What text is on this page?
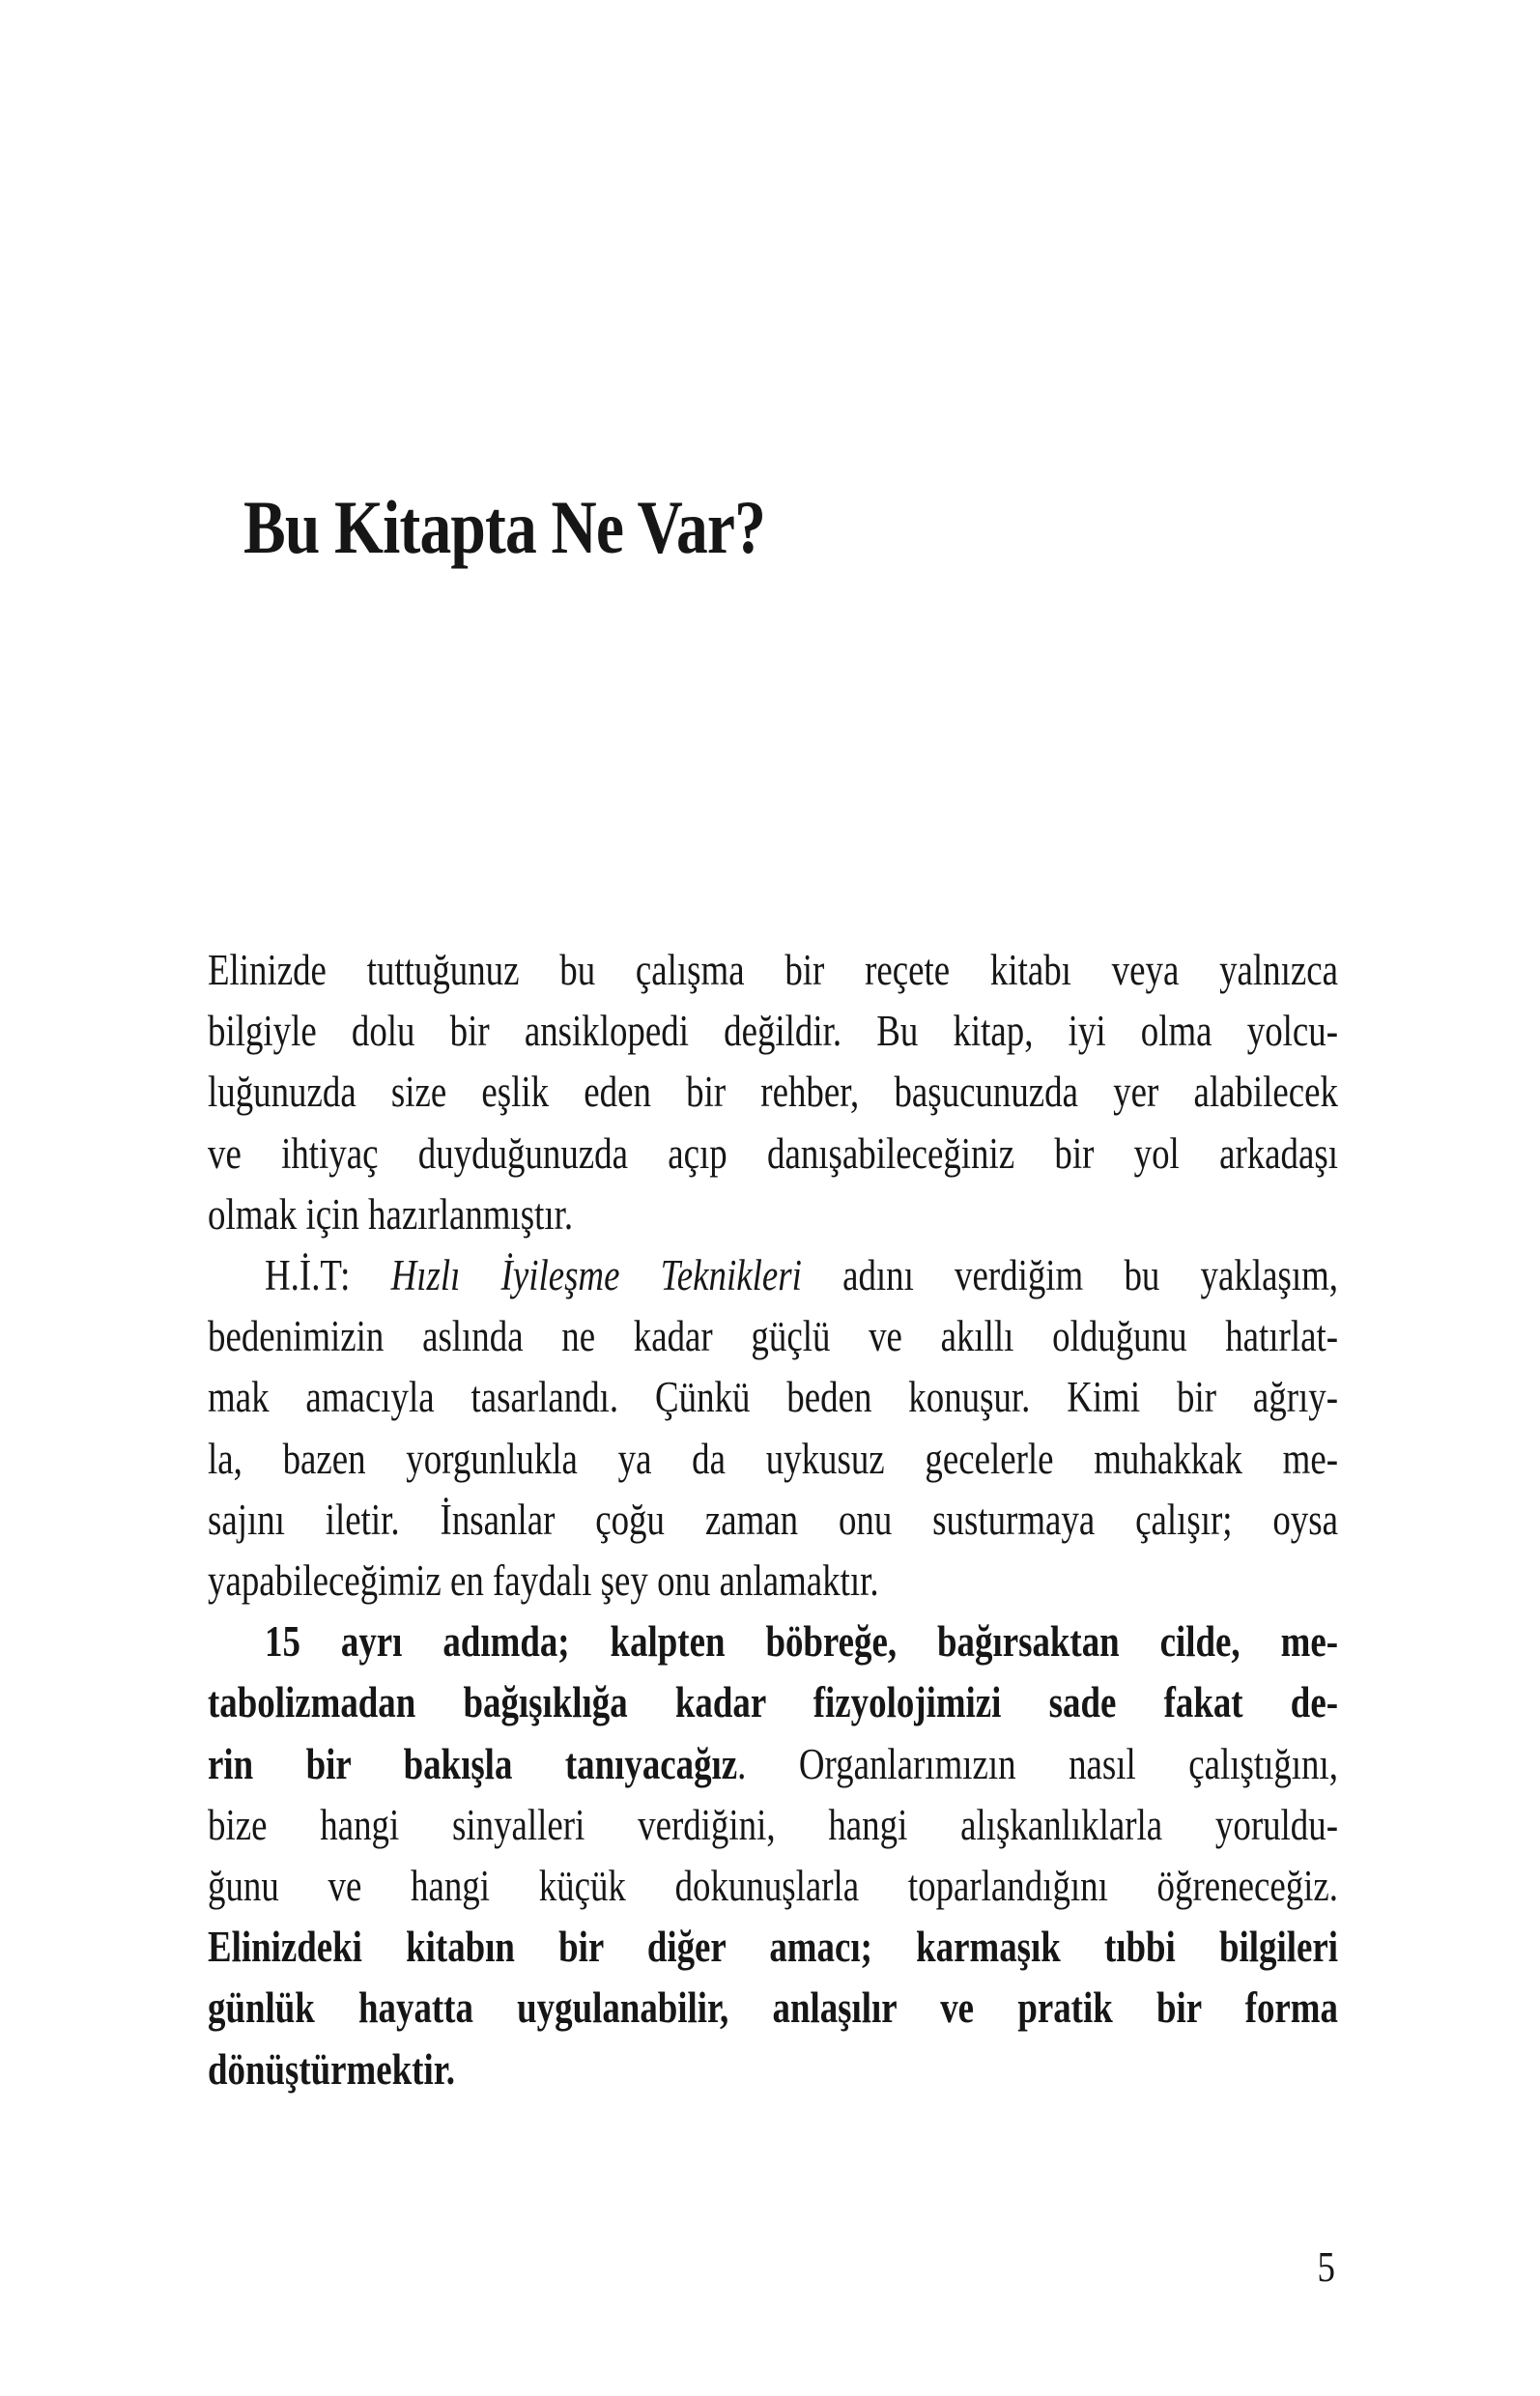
Bu Kitapta Ne Var?
Elinizde tuttuğunuz bu çalışma bir reçete kitabı veya yalnızca
bilgiyle dolu bir ansiklopedi değildir. Bu kitap, iyi olma yolcu-
luğunuzda size eşlik eden bir rehber, başucunuzda yer alabilecek
ve ihtiyaç duyduğunuzda açıp danışabileceğiniz bir yol arkadaşı
olmak için hazırlanmıştır.
H.İ.T: Hızlı İyileşme Teknikleri adını verdiğim bu yaklaşım,
bedenimizin aslında ne kadar güçlü ve akıllı olduğunu hatırlat-
mak amacıyla tasarlandı. Çünkü beden konuşur. Kimi bir ağrıy-
la, bazen yorgunlukla ya da uykusuz gecelerle muhakkak me-
sajını iletir. İnsanlar çoğu zaman onu susturmaya çalışır; oysa
yapabileceğimiz en faydalı şey onu anlamaktır.
15 ayrı adımda; kalpten böbreğe, bağırsaktan cilde, me-
tabolizmadan bağışıklığa kadar fizyolojimizi sade fakat de-
rin bir bakışla tanıyacağız. Organlarımızın nasıl çalıştığını,
bize hangi sinyalleri verdiğini, hangi alışkanlıklarla yoruldu-
ğunu ve hangi küçük dokunuşlarla toparlandığını öğreneceğiz.
Elinizdeki kitabın bir diğer amacı; karmaşık tıbbi bilgileri
günlük hayatta uygulanabilir, anlaşılır ve pratik bir forma
dönüştürmektir.
5
